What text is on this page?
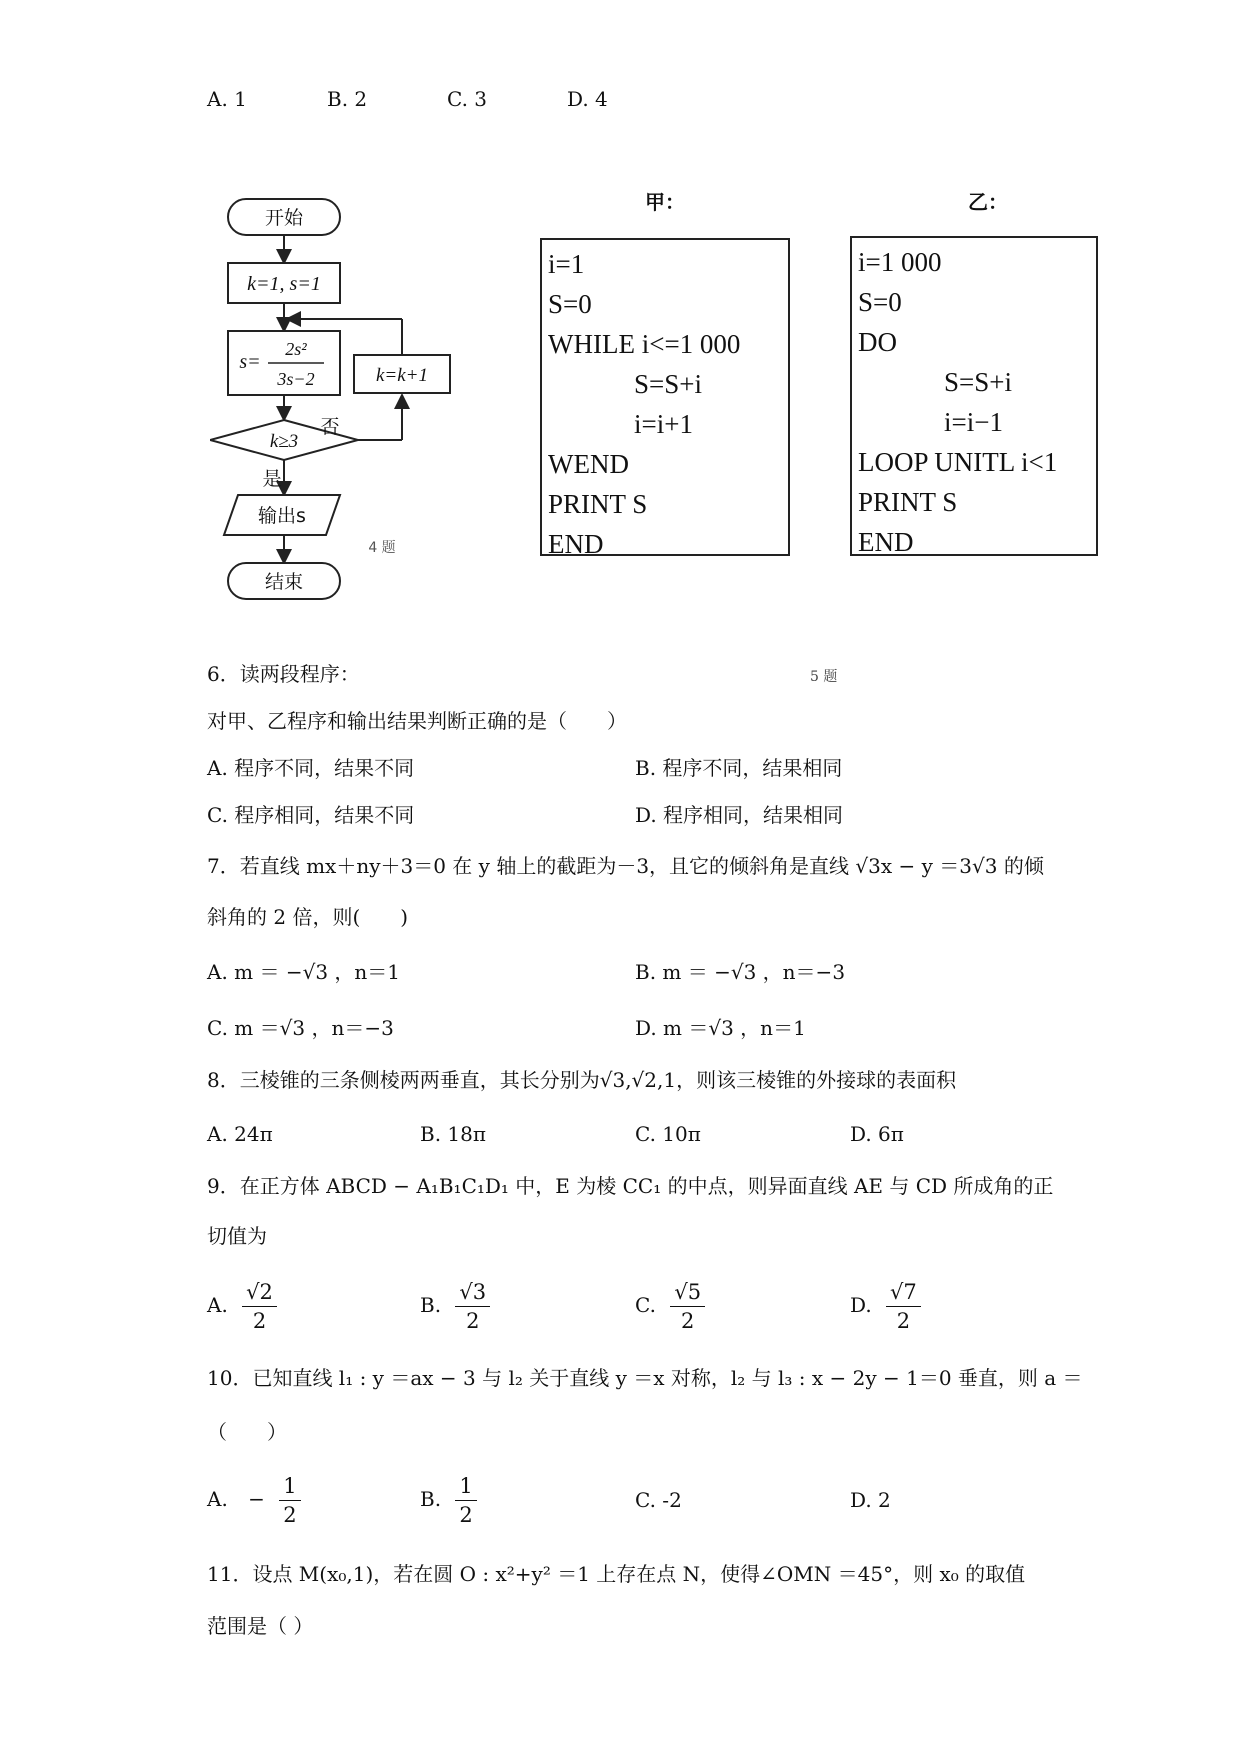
A. 1	B. 2	C. 3	D. 4
开始
k=1, s=1
s=
2s²
3s−2	k=k+1
k≥3
否
是
输出s
结束
4 题
甲：
i=1
S=0
WHILE i<=1 000
S=S+i
i=i+1
WEND
PRINT S
END
乙：
i=1 000
S=0
DO
S=S+i
i=i−1
LOOP UNITL i<1
PRINT S
END
6．读两段程序：	5 题
对甲、乙程序和输出结果判断正确的是（　　）
A. 程序不同，结果不同	B. 程序不同，结果相同
C. 程序相同，结果不同	D. 程序相同，结果相同
7．若直线 mx＋ny＋3＝0 在 y 轴上的截距为－3，且它的倾斜角是直线 √3x − y ＝3√3 的倾
斜角的 2 倍，则(　　)
A. m ＝ −√3 ，n＝1	B. m ＝ −√3 ，n＝−3
C. m ＝√3 ，n＝−3	D. m ＝√3 ，n＝1
8．三棱锥的三条侧棱两两垂直，其长分别为√3,√2,1，则该三棱锥的外接球的表面积
A. 24π	B. 18π	C. 10π	D. 6π
9．在正方体 ABCD − A₁B₁C₁D₁ 中，E 为棱 CC₁ 的中点，则异面直线 AE 与 CD 所成角的正
切值为
A. $\frac{√2}{2}$	B. $\frac{√3}{2}$	C. $\frac{√5}{2}$	D. $\frac{√7}{2}$
10．已知直线 l₁ : y ＝ax − 3 与 l₂ 关于直线 y ＝x 对称，l₂ 与 l₃ : x − 2y − 1＝0 垂直，则 a ＝
（　　）
A. − $\frac{1}{2}$	B. $\frac{1}{2}$	C. -2	D. 2
11．设点 M(x₀,1)，若在圆 O : x²+y² ＝1 上存在点 N，使得∠OMN ＝45°，则 x₀ 的取值
范围是（ ）
